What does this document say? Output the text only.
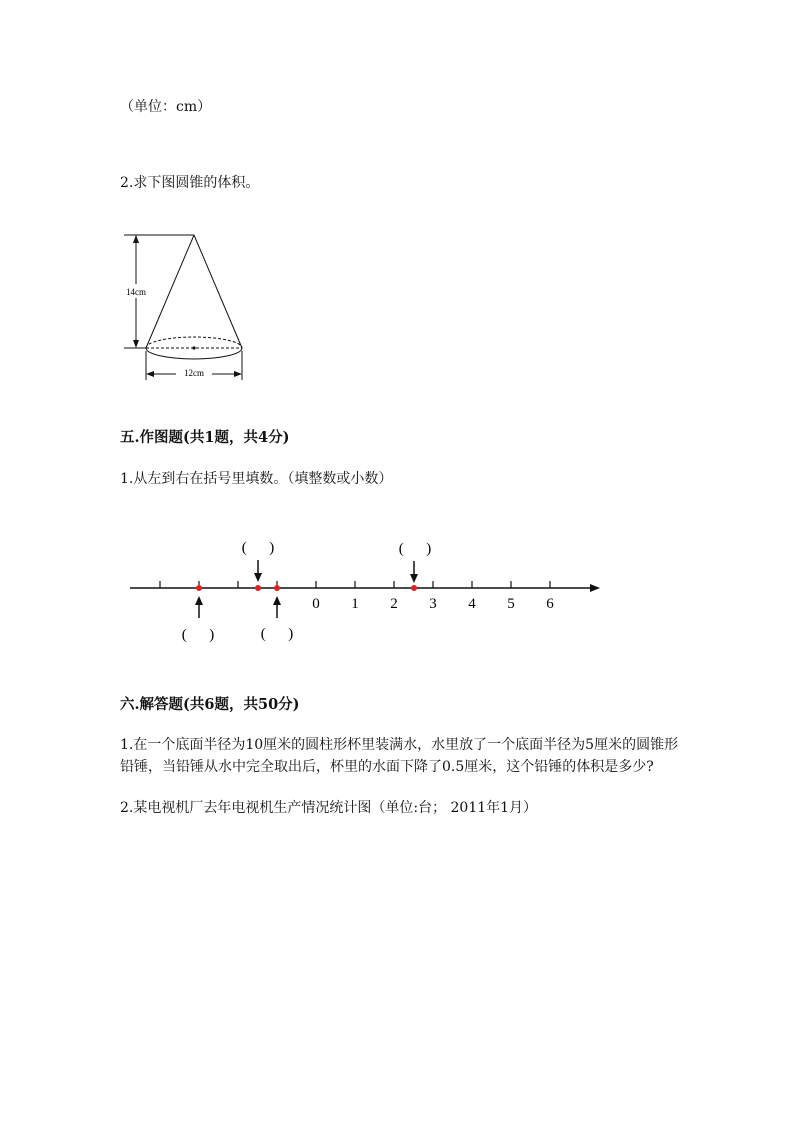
（单位：cm）
2.求下图圆锥的体积。
14cm
12cm
五.作图题(共1题，共4分)
1.从左到右在括号里填数。（填整数或小数）
(      )	(      )
0 1 2 3 4 5 6
(      )	(      )
六.解答题(共6题，共50分)
1.在一个底面半径为10厘米的圆柱形杯里装满水，水里放了一个底面半径为5厘米的圆锥形铅锤，当铅锤从水中完全取出后，杯里的水面下降了0.5厘米，这个铅锤的体积是多少?
2.某电视机厂去年电视机生产情况统计图（单位:台； 2011年1月）
